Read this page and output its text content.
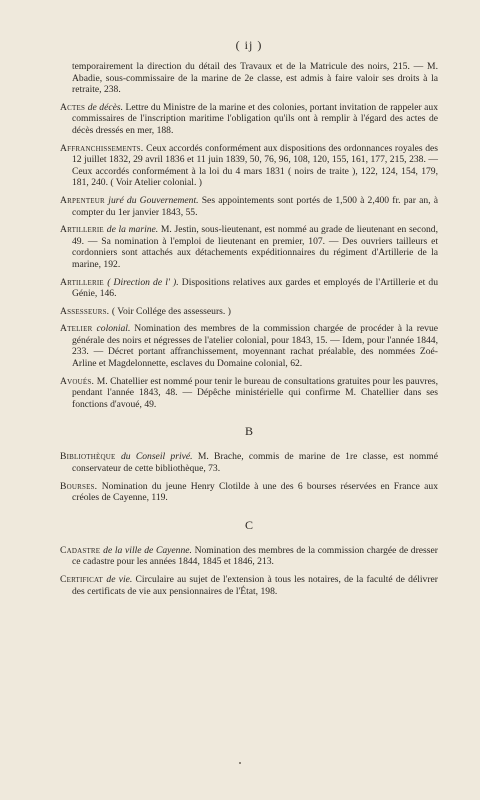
( ij )

temporairement la direction du détail des Travaux et de la Matricule des noirs, 215. — M. Abadie, sous-commissaire de la marine de 2e classe, est admis à faire valoir ses droits à la retraite, 238.

Actes de décès. Lettre du Ministre de la marine et des colonies, portant invitation de rappeler aux commissaires de l'inscription maritime l'obligation qu'ils ont à remplir à l'égard des actes de décès dressés en mer, 188.

Affranchissements. Ceux accordés conformément aux dispositions des ordonnances royales des 12 juillet 1832, 29 avril 1836 et 11 juin 1839, 50, 76, 96, 108, 120, 155, 161, 177, 215, 238. — Ceux accordés conformément à la loi du 4 mars 1831 ( noirs de traite ), 122, 124, 154, 179, 181, 240. ( Voir Atelier colonial. )

Arpenteur juré du Gouvernement. Ses appointements sont portés de 1,500 à 2,400 fr. par an, à compter du 1er janvier 1843, 55.

Artillerie de la marine. M. Jestin, sous-lieutenant, est nommé au grade de lieutenant en second, 49. — Sa nomination à l'emploi de lieutenant en premier, 107. — Des ouvriers tailleurs et cordonniers sont attachés aux détachements expéditionnaires du régiment d'Artillerie de la marine, 192.

Artillerie ( Direction de l' ). Dispositions relatives aux gardes et employés de l'Artillerie et du Génie, 146.

Assesseurs. ( Voir Collége des assesseurs. )

Atelier colonial. Nomination des membres de la commission chargée de procéder à la revue générale des noirs et négresses de l'atelier colonial, pour 1843, 15. — Idem, pour l'année 1844, 233. — Décret portant affranchissement, moyennant rachat préalable, des nommées Zoé-Arline et Magdelonnette, esclaves du Domaine colonial, 62.

Avoués. M. Chatellier est nommé pour tenir le bureau de consultations gratuites pour les pauvres, pendant l'année 1843, 48. — Dépêche ministérielle qui confirme M. Chatellier dans ses fonctions d'avoué, 49.

B

Bibliothèque du Conseil privé. M. Brache, commis de marine de 1re classe, est nommé conservateur de cette bibliothèque, 73.

Bourses. Nomination du jeune Henry Clotilde à une des 6 bourses réservées en France aux créoles de Cayenne, 119.

C

Cadastre de la ville de Cayenne. Nomination des membres de la commission chargée de dresser ce cadastre pour les années 1844, 1845 et 1846, 213.

Certificat de vie. Circulaire au sujet de l'extension à tous les notaires, de la faculté de délivrer des certificats de vie aux pensionnaires de l'État, 198.
